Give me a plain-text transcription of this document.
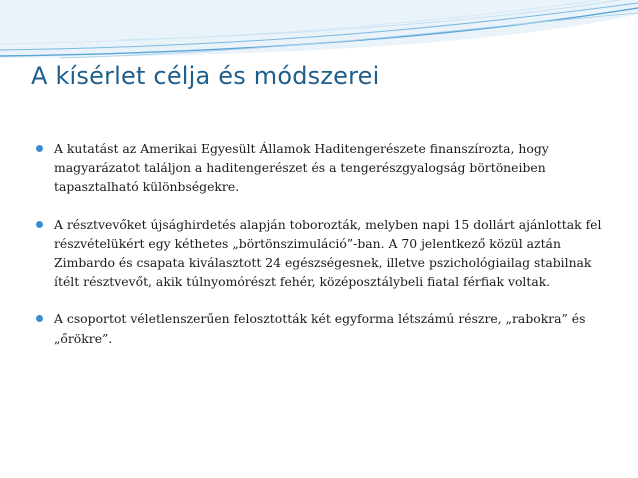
A kísérlet célja és módszerei
A kutatást az Amerikai Egyesült Államok Haditengerészete finanszírozta, hogy magyarázatot találjon a haditengerészet és a tengerészgyalogság börtöneiben tapasztalható különbségekre.
A résztvevőket újsághirdetés alapján toborozták, melyben napi 15 dollárt ajánlottak fel részvételükért egy kéthetes „börtönszimuláció”-ban. A 70 jelentkező közül aztán Zimbardo és csapata kiválasztott 24 egészségesnek, illetve pszichológiailag stabilnak ítélt résztvevőt, akik túlnyomórészt fehér, középosztálybeli fiatal férfiak voltak.
A csoportot véletlenszerűen felosztották két egyforma létszámú részre, „rabokra” és „őrökre”.
